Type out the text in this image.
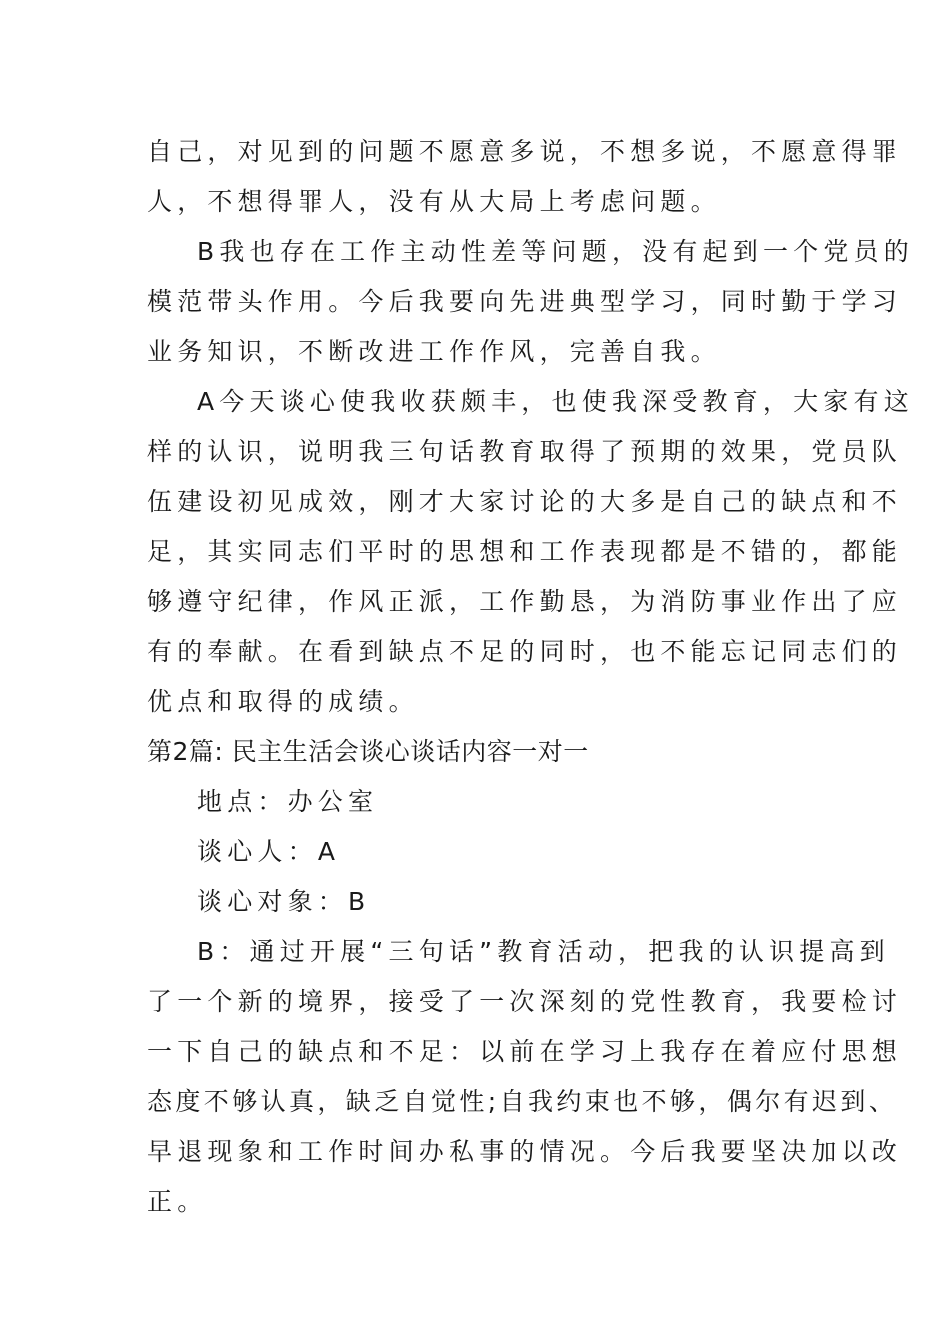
自己，对见到的问题不愿意多说，不想多说，不愿意得罪
人，不想得罪人，没有从大局上考虑问题。
B我也存在工作主动性差等问题，没有起到一个党员的
模范带头作用。今后我要向先进典型学习，同时勤于学习
业务知识，不断改进工作作风，完善自我。
A今天谈心使我收获颇丰，也使我深受教育，大家有这
样的认识，说明我三句话教育取得了预期的效果，党员队
伍建设初见成效，刚才大家讨论的大多是自己的缺点和不
足，其实同志们平时的思想和工作表现都是不错的，都能
够遵守纪律，作风正派，工作勤恳，为消防事业作出了应
有的奉献。在看到缺点不足的同时，也不能忘记同志们的
优点和取得的成绩。
第2篇: 民主生活会谈心谈话内容一对一
地点：办公室
谈心人：A
谈心对象：B
B：通过开展“三句话”教育活动，把我的认识提高到
了一个新的境界，接受了一次深刻的党性教育，我要检讨
一下自己的缺点和不足：以前在学习上我存在着应付思想
态度不够认真，缺乏自觉性;自我约束也不够，偶尔有迟到、
早退现象和工作时间办私事的情况。今后我要坚决加以改
正。
